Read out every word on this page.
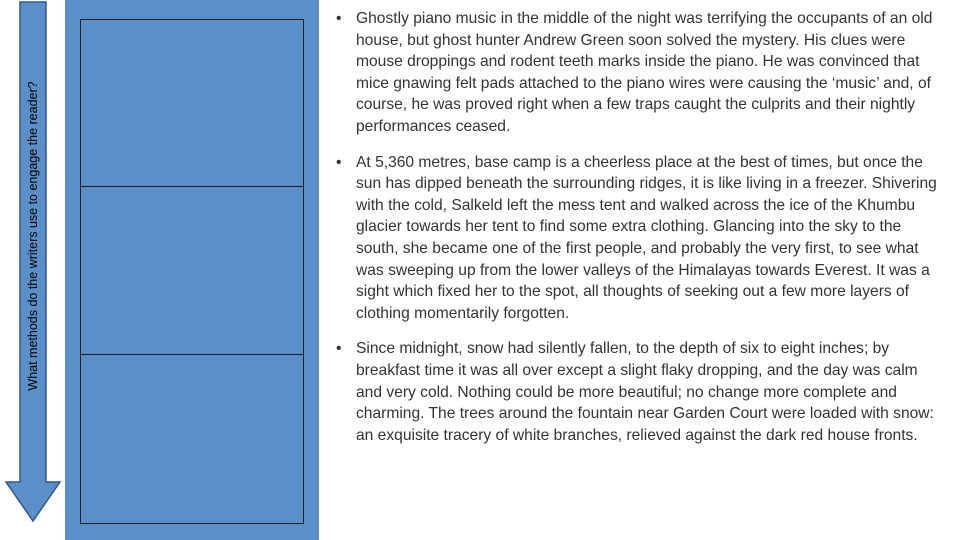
What methods do the writers use to engage the reader?
• Ghostly piano music in the middle of the night was terrifying the occupants of an old house, but ghost hunter Andrew Green soon solved the mystery. His clues were mouse droppings and rodent teeth marks inside the piano. He was convinced that mice gnawing felt pads attached to the piano wires were causing the ‘music’ and, of course, he was proved right when a few traps caught the culprits and their nightly performances ceased.
• At 5,360 metres, base camp is a cheerless place at the best of times, but once the sun has dipped beneath the surrounding ridges, it is like living in a freezer. Shivering with the cold, Salkeld left the mess tent and walked across the ice of the Khumbu glacier towards her tent to find some extra clothing. Glancing into the sky to the south, she became one of the first people, and probably the very first, to see what was sweeping up from the lower valleys of the Himalayas towards Everest. It was a sight which fixed her to the spot, all thoughts of seeking out a few more layers of clothing momentarily forgotten.
• Since midnight, snow had silently fallen, to the depth of six to eight inches; by breakfast time it was all over except a slight flaky dropping, and the day was calm and very cold. Nothing could be more beautiful; no change more complete and charming. The trees around the fountain near Garden Court were loaded with snow: an exquisite tracery of white branches, relieved against the dark red house fronts.
